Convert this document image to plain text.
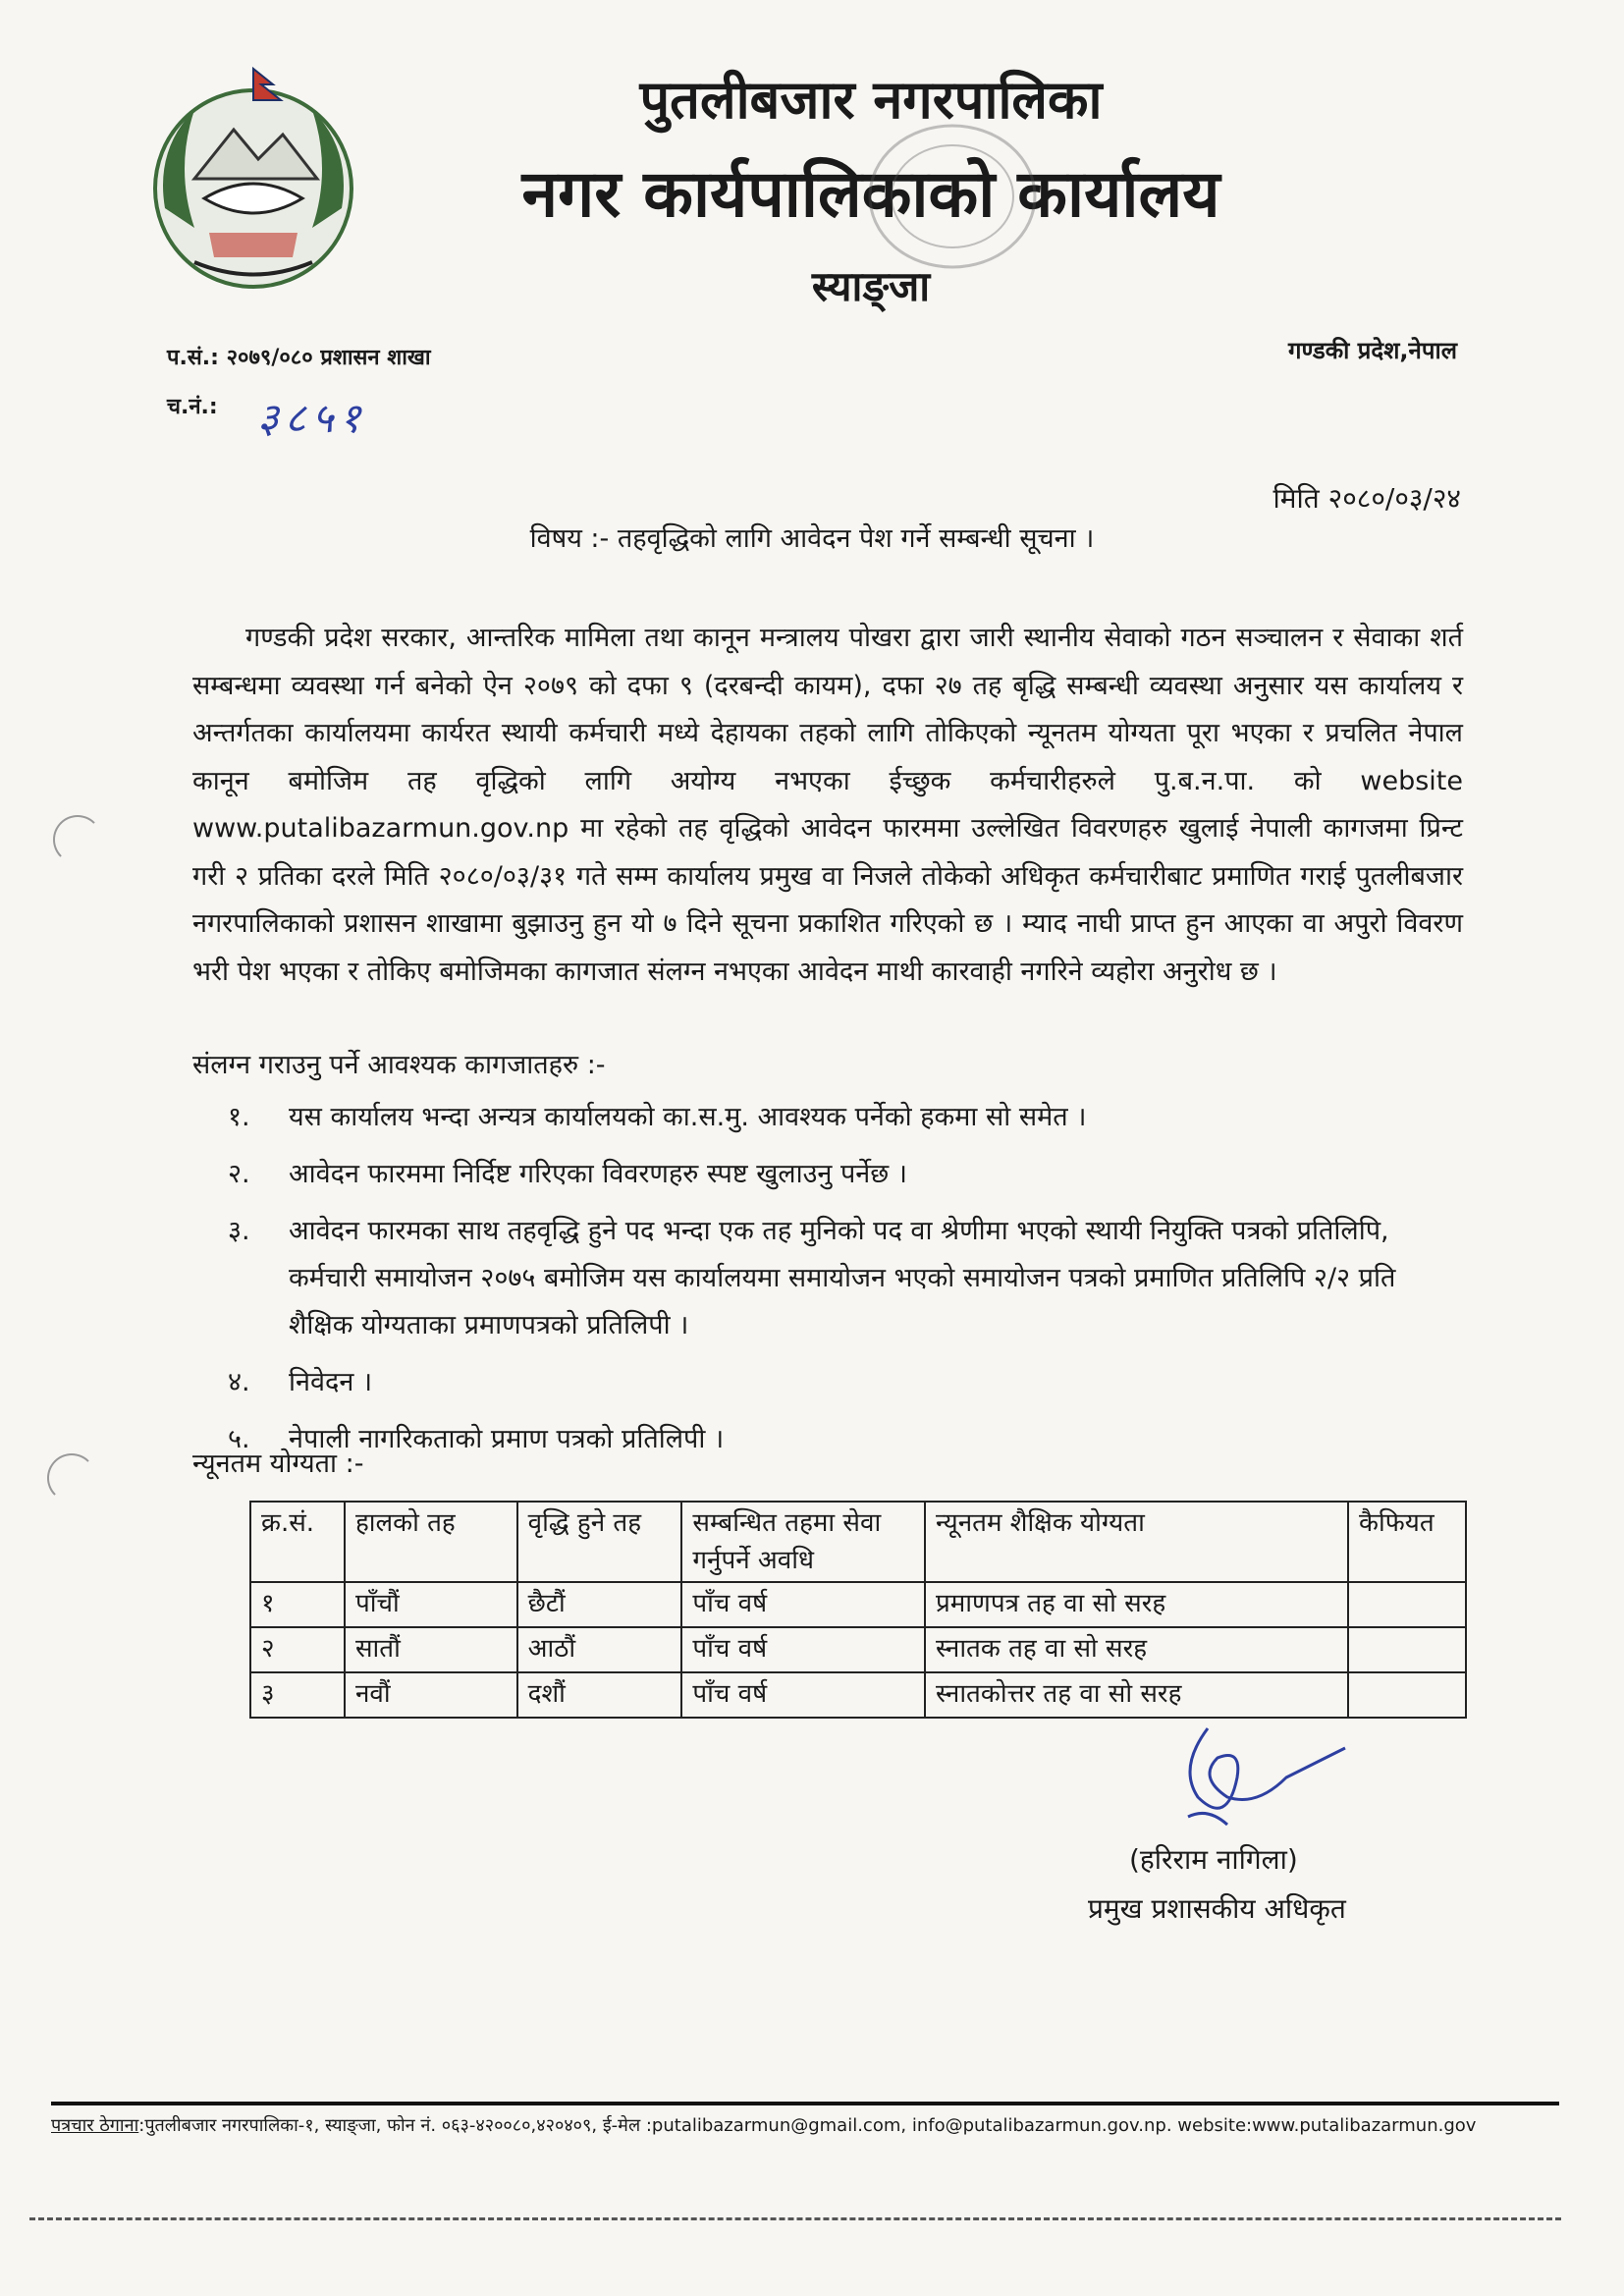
पुतलीबजार नगरपालिका
नगर कार्यपालिकाको कार्यालय
स्याङ्जा
प.सं.: २०७९/०८० प्रशासन शाखा
च.नं.: ३८५१
गण्डकी प्रदेश,नेपाल
मिति २०८०/०३/२४
विषय :- तहवृद्धिको लागि आवेदन पेश गर्ने सम्बन्धी सूचना ।
गण्डकी प्रदेश सरकार, आन्तरिक मामिला तथा कानून मन्त्रालय पोखरा द्वारा जारी स्थानीय सेवाको गठन सञ्चालन र सेवाका शर्त सम्बन्धमा व्यवस्था गर्न बनेको ऐन २०७९ को दफा ९ (दरबन्दी कायम), दफा २७ तह बृद्धि सम्बन्धी व्यवस्था अनुसार यस कार्यालय र अन्तर्गतका कार्यालयमा कार्यरत स्थायी कर्मचारी मध्ये देहायका तहको लागि तोकिएको न्यूनतम योग्यता पूरा भएका र प्रचलित नेपाल कानून बमोजिम तह वृद्धिको लागि अयोग्य नभएका ईच्छुक कर्मचारीहरुले पु.ब.न.पा. को website www.putalibazarmun.gov.np मा रहेको तह वृद्धिको आवेदन फारममा उल्लेखित विवरणहरु खुलाई नेपाली कागजमा प्रिन्ट गरी २ प्रतिका दरले मिति २०८०/०३/३१ गते सम्म कार्यालय प्रमुख वा निजले तोकेको अधिकृत कर्मचारीबाट प्रमाणित गराई पुतलीबजार नगरपालिकाको प्रशासन शाखामा बुझाउनु हुन यो ७ दिने सूचना प्रकाशित गरिएको छ । म्याद नाघी प्राप्त हुन आएका वा अपुरो विवरण भरी पेश भएका र तोकिए बमोजिमका कागजात संलग्न नभएका आवेदन माथी कारवाही नगरिने व्यहोरा अनुरोध छ ।
संलग्न गराउनु पर्ने आवश्यक कागजातहरु :-
१. यस कार्यालय भन्दा अन्यत्र कार्यालयको का.स.मु. आवश्यक पर्नेको हकमा सो समेत ।
२. आवेदन फारममा निर्दिष्ट गरिएका विवरणहरु स्पष्ट खुलाउनु पर्नेछ ।
३. आवेदन फारमका साथ तहवृद्धि हुने पद भन्दा एक तह मुनिको पद वा श्रेणीमा भएको स्थायी नियुक्ति पत्रको प्रतिलिपि, कर्मचारी समायोजन २०७५ बमोजिम यस कार्यालयमा समायोजन भएको समायोजन पत्रको प्रमाणित प्रतिलिपि २/२ प्रति शैक्षिक योग्यताका प्रमाणपत्रको प्रतिलिपी ।
४. निवेदन ।
५. नेपाली नागरिकताको प्रमाण पत्रको प्रतिलिपी ।
न्यूनतम योग्यता :-
क्र.सं.	हालको तह	वृद्धि हुने तह	सम्बन्धित तहमा सेवा गर्नुपर्ने अवधि	न्यूनतम शैक्षिक योग्यता	कैफियत
१	पाँचौं	छैटौं	पाँच वर्ष	प्रमाणपत्र तह वा सो सरह	
२	सातौं	आठौं	पाँच वर्ष	स्नातक तह वा सो सरह	
३	नवौं	दशौं	पाँच वर्ष	स्नातकोत्तर तह वा सो सरह	
(हरिराम नागिला)
प्रमुख प्रशासकीय अधिकृत
पत्रचार ठेगाना:पुतलीबजार नगरपालिका-१, स्याङ्जा, फोन नं. ०६३-४२००८०,४२०४०९, ई-मेल :putalibazarmun@gmail.com, info@putalibazarmun.gov.np. website:www.putalibazarmun.gov
